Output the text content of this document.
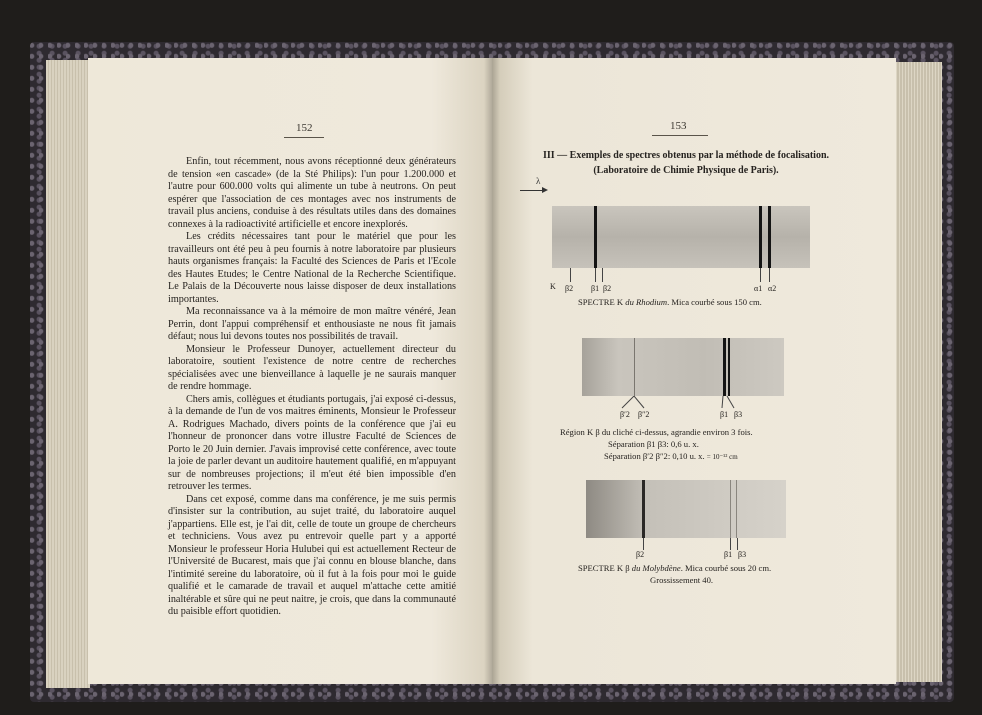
152

Enfin, tout récemment, nous avons réceptionné deux générateurs de tension «en cascade» (de la Sté Philips): l'un pour 1.200.000 et l'autre pour 600.000 volts qui alimente un tube à neutrons. On peut espérer que l'association de ces montages avec nos instruments de travail plus anciens, conduise à des résultats utiles dans des domaines connexes à la radioactivité artificielle et encore inexplorés.

Les crédits nécessaires tant pour le matériel que pour les travailleurs ont été peu à peu fournis à notre laboratoire par plusieurs hauts organismes français: la Faculté des Sciences de Paris et l'Ecole des Hautes Etudes; le Centre National de la Recherche Scientifique. Le Palais de la Découverte nous laisse disposer de deux installations importantes.

Ma reconnaissance va à la mémoire de mon maître vénéré, Jean Perrin, dont l'appui compréhensif et enthousiaste ne nous fit jamais défaut; nous lui devons toutes nos possibilités de travail.

Monsieur le Professeur Dunoyer, actuellement directeur du laboratoire, soutient l'existence de notre centre de recherches spécialisées avec une bienveillance à laquelle je ne saurais manquer de rendre hommage.

Chers amis, collègues et étudiants portugais, j'ai exposé ci-dessus, à la demande de l'un de vos maitres éminents, Monsieur le Professeur A. Rodrigues Machado, divers points de la conférence que j'ai eu l'honneur de prononcer dans votre illustre Faculté de Sciences de Porto le 20 Juin dernier. J'avais improvisé cette conférence, avec toute la joie de parler devant un auditoire hautement qualifié, en m'appuyant sur de nombreuses projections; il m'eut été bien impossible d'en retrouver les termes.

Dans cet exposé, comme dans ma conférence, je me suis permis d'insister sur la contribution, au sujet traité, du laboratoire auquel j'appartiens. Elle est, je l'ai dit, celle de toute un groupe de chercheurs et techniciens. Vous avez pu entrevoir quelle part y a apporté Monsieur le professeur Horia Hulubei qui est actuellement Recteur de l'Université de Bucarest, mais que j'ai connu en blouse blanche, dans l'intimité sereine du laboratoire, où il fut à la fois pour moi le guide qualifié et le camarade de travail et auquel m'attache cette amitié inaltérable et sûre qui ne peut naitre, je crois, que dans la communauté du paisible effort quotidien.

153
III — Exemples de spectres obtenus par la méthode de focalisation.
(Laboratoire de Chimie Physique de Paris).
λ
K β2 β1 β2	α1 α2
SPECTRE K du Rhodium. Mica courbé sous 150 cm.
β′2 β″2	β1 β3
Région K β du cliché ci-dessus, agrandie environ 3 fois.
Séparation β1 β3: 0,6 u. x.
Séparation β′2 β″2: 0,10 u. x. = 10⁻¹² cm
β2	β1 β3
SPECTRE K β du Molybdène. Mica courbé sous 20 cm.
Grossissement 40.
